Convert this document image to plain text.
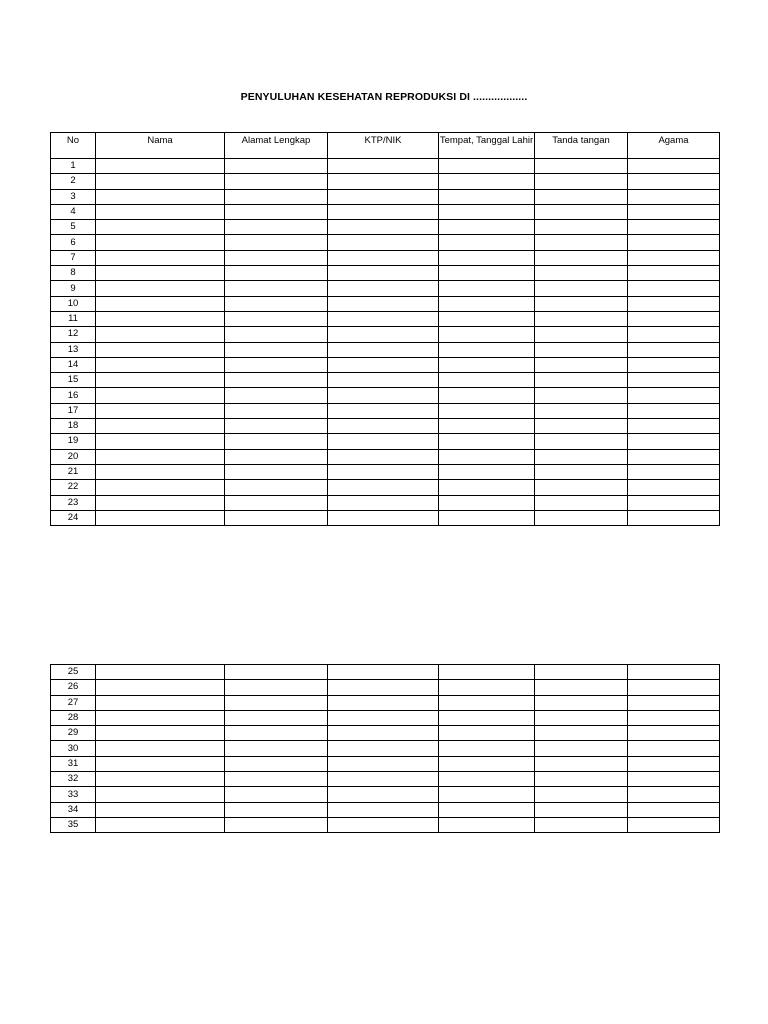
PENYULUHAN KESEHATAN REPRODUKSI DI ..................
No	Nama	Alamat Lengkap	KTP/NIK	Tempat, Tanggal Lahir	Tanda tangan	Agama
1						
2						
3						
4						
5						
6						
7						
8						
9						
10						
11						
12						
13						
14						
15						
16						
17						
18						
19						
20						
21						
22						
23						
24						
25						
26						
27						
28						
29						
30						
31						
32						
33						
34						
35						
